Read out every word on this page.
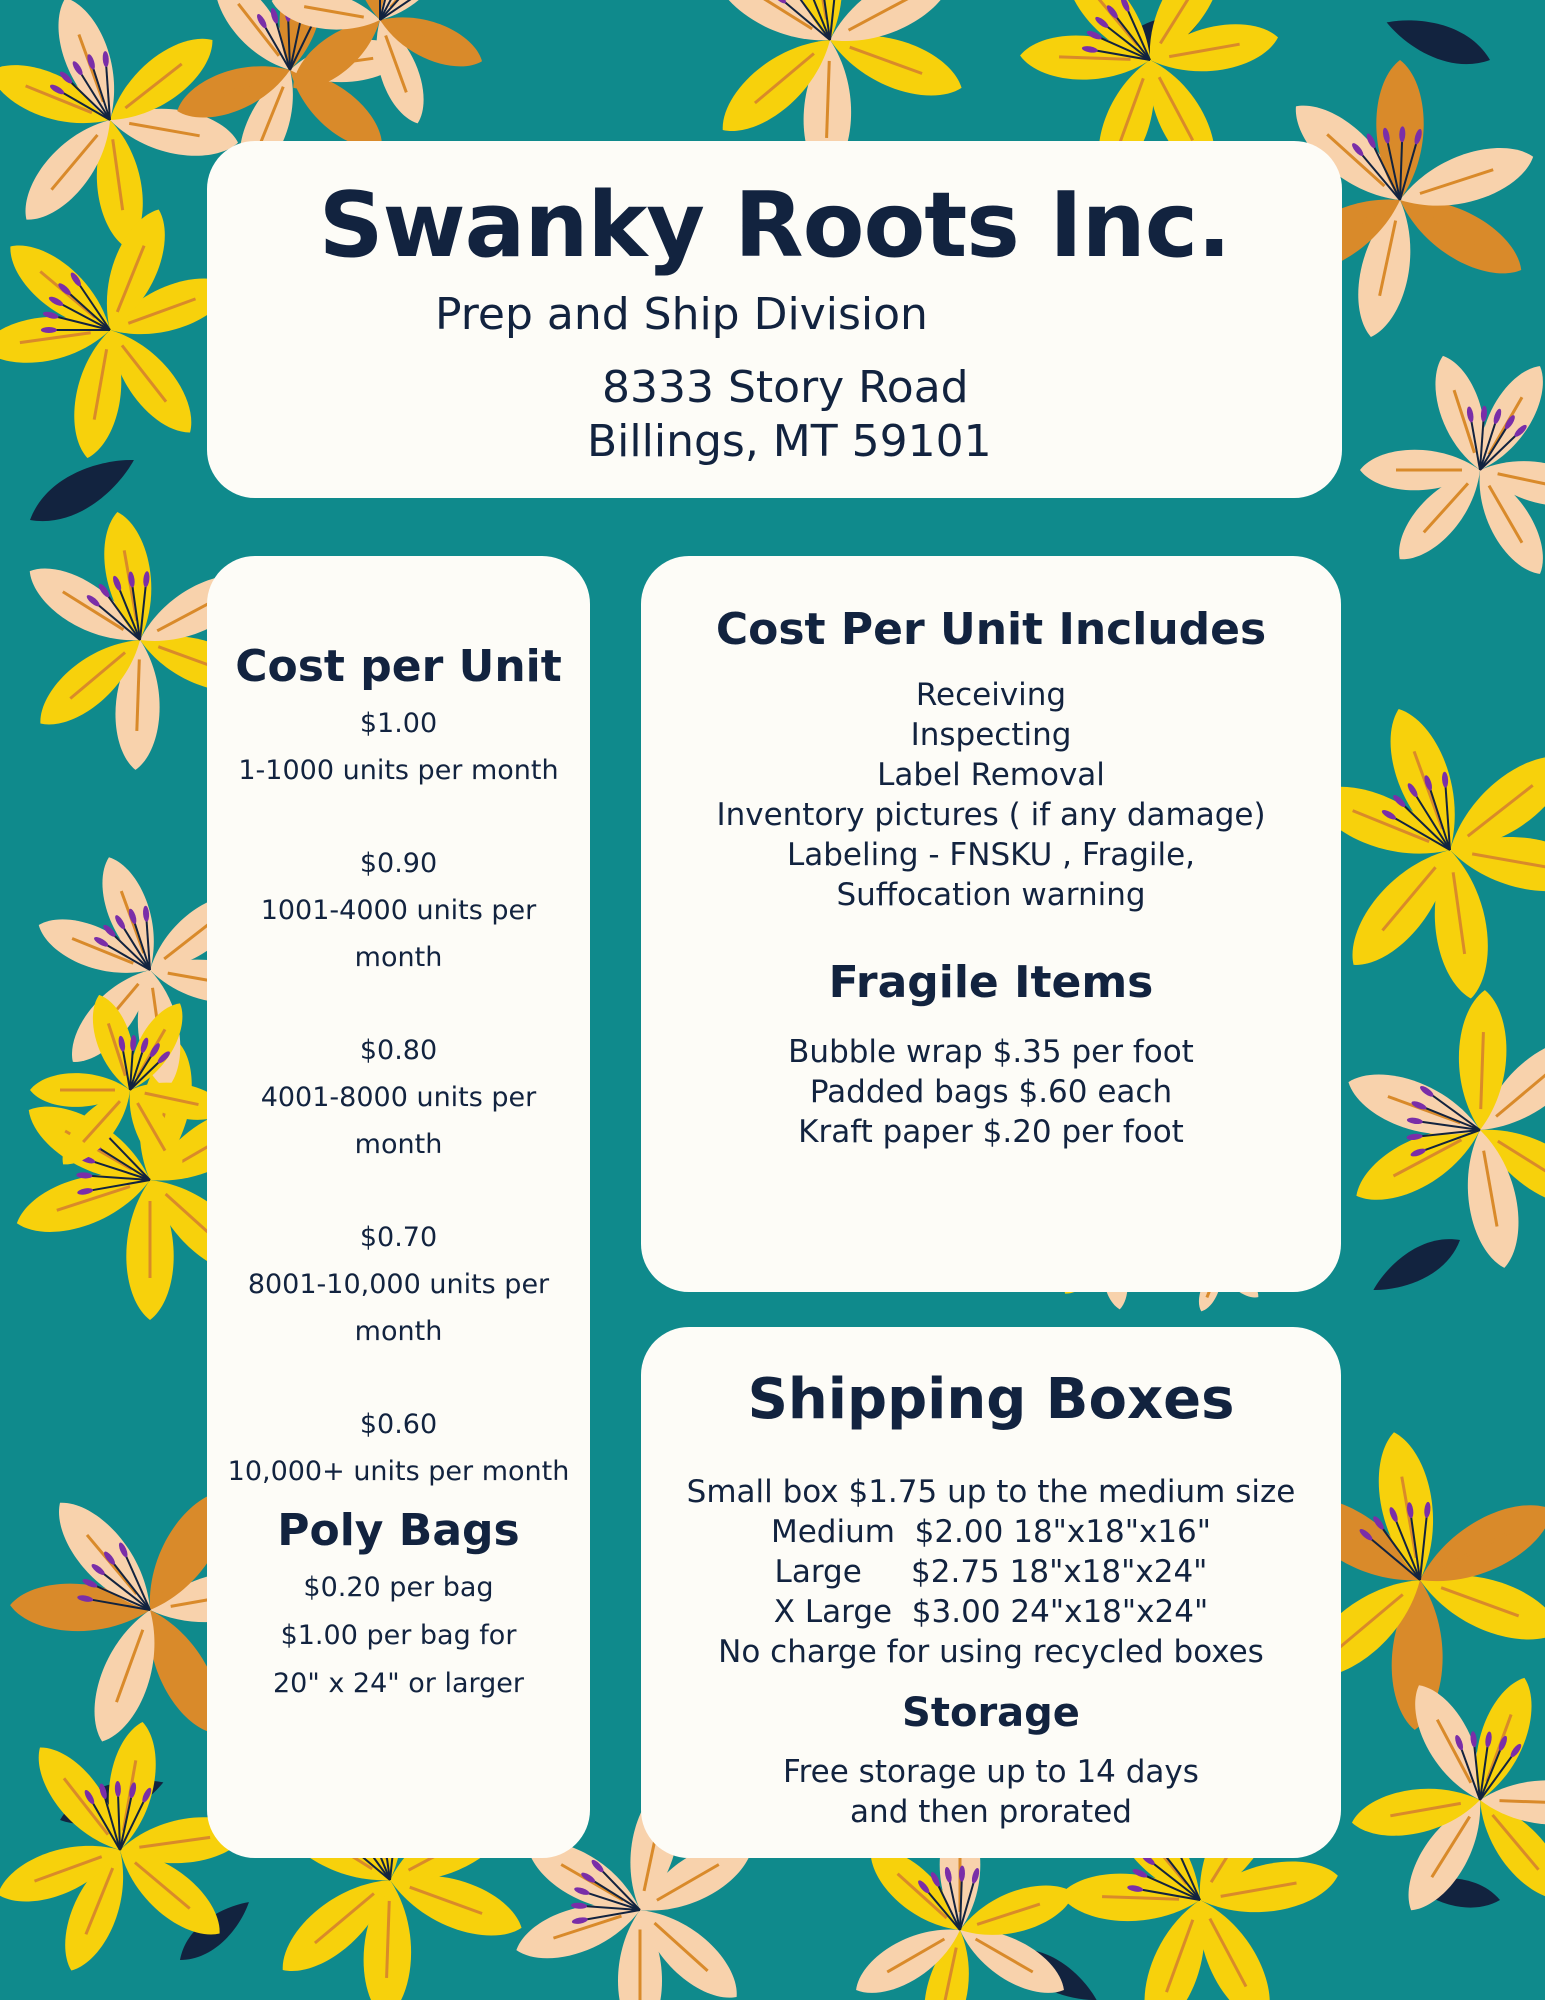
Swanky Roots Inc.
Prep and Ship Division
8333 Story Road
Billings, MT 59101
Cost per Unit
$1.00
1-1000 units per month
$0.90
1001-4000 units per
month
$0.80
4001-8000 units per
month
$0.70
8001-10,000 units per
month
$0.60
10,000+ units per month
Poly Bags
$0.20 per bag
$1.00 per bag for
20" x 24" or larger
Cost Per Unit Includes
Receiving
Inspecting
Label Removal
Inventory pictures ( if any damage)
Labeling - FNSKU , Fragile,
Suffocation warning
Fragile Items
Bubble wrap $.35 per foot
Padded bags $.60 each
Kraft paper $.20 per foot
Shipping Boxes
Small box $1.75 up to the medium size
Medium  $2.00 18"x18"x16"
Large     $2.75 18"x18"x24"
X Large  $3.00 24"x18"x24"
No charge for using recycled boxes
Storage
Free storage up to 14 days
and then prorated
